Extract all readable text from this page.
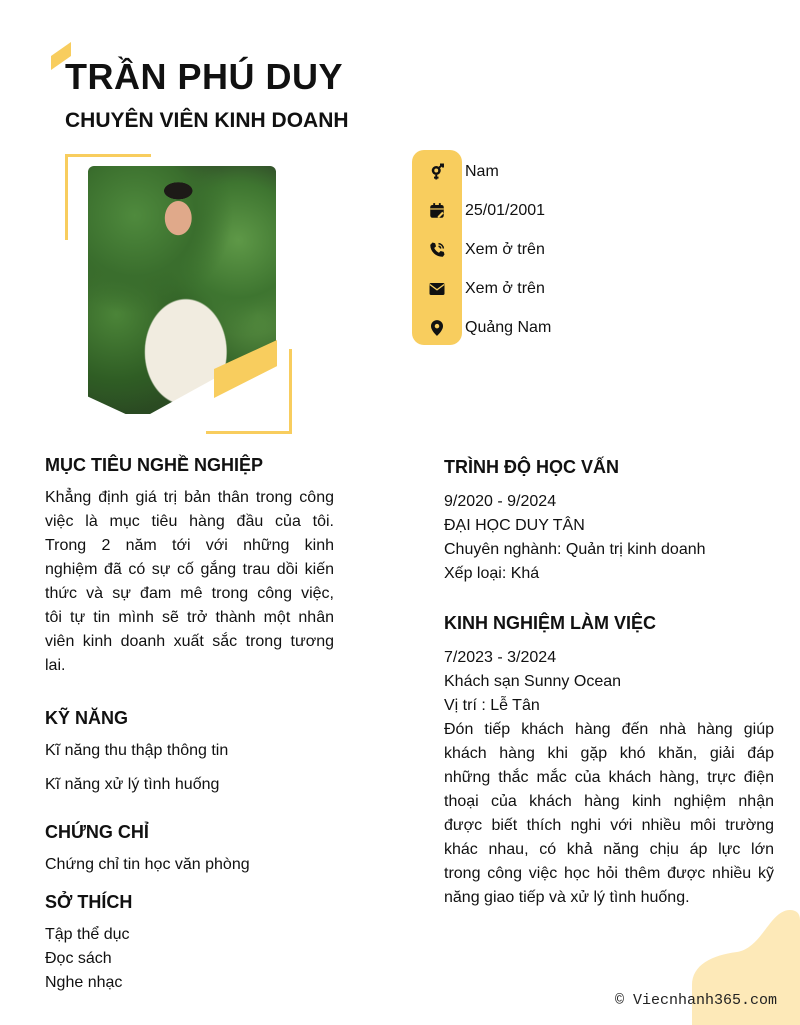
TRẦN PHÚ DUY
CHUYÊN VIÊN KINH DOANH
Nam
25/01/2001
Xem ở trên
Xem ở trên
Quảng Nam
MỤC TIÊU NGHỀ NGHIỆP
Khẳng định giá trị bản thân trong công
việc là mục tiêu hàng đầu của tôi.
Trong 2 năm tới với những kinh
nghiệm đã có sự cố gắng trau dồi kiến
thức và sự đam mê trong công việc,
tôi tự tin mình sẽ trở thành một nhân
viên kinh doanh xuất sắc trong tương
lai.
KỸ NĂNG
Kĩ năng thu thập thông tin
Kĩ năng xử lý tình huống
CHỨNG CHỈ
Chứng chỉ tin học văn phòng
SỞ THÍCH
Tập thể dục
Đọc sách
Nghe nhạc
TRÌNH ĐỘ HỌC VẤN
9/2020 - 9/2024
ĐẠI HỌC DUY TÂN
Chuyên nghành: Quản trị kinh doanh
Xếp loại: Khá
KINH NGHIỆM LÀM VIỆC
7/2023 - 3/2024
Khách sạn Sunny Ocean
Vị trí : Lễ Tân
Đón tiếp khách hàng đến nhà hàng giúp
khách hàng khi gặp khó khăn, giải đáp
những thắc mắc của khách hàng, trực điện
thoại của khách hàng kinh nghiệm nhận
được biết thích nghi với nhiều môi trường
khác nhau, có khả năng chịu áp lực lớn
trong công việc học hỏi thêm được nhiều kỹ
năng giao tiếp và xử lý tình huống.
© Viecnhanh365.com
